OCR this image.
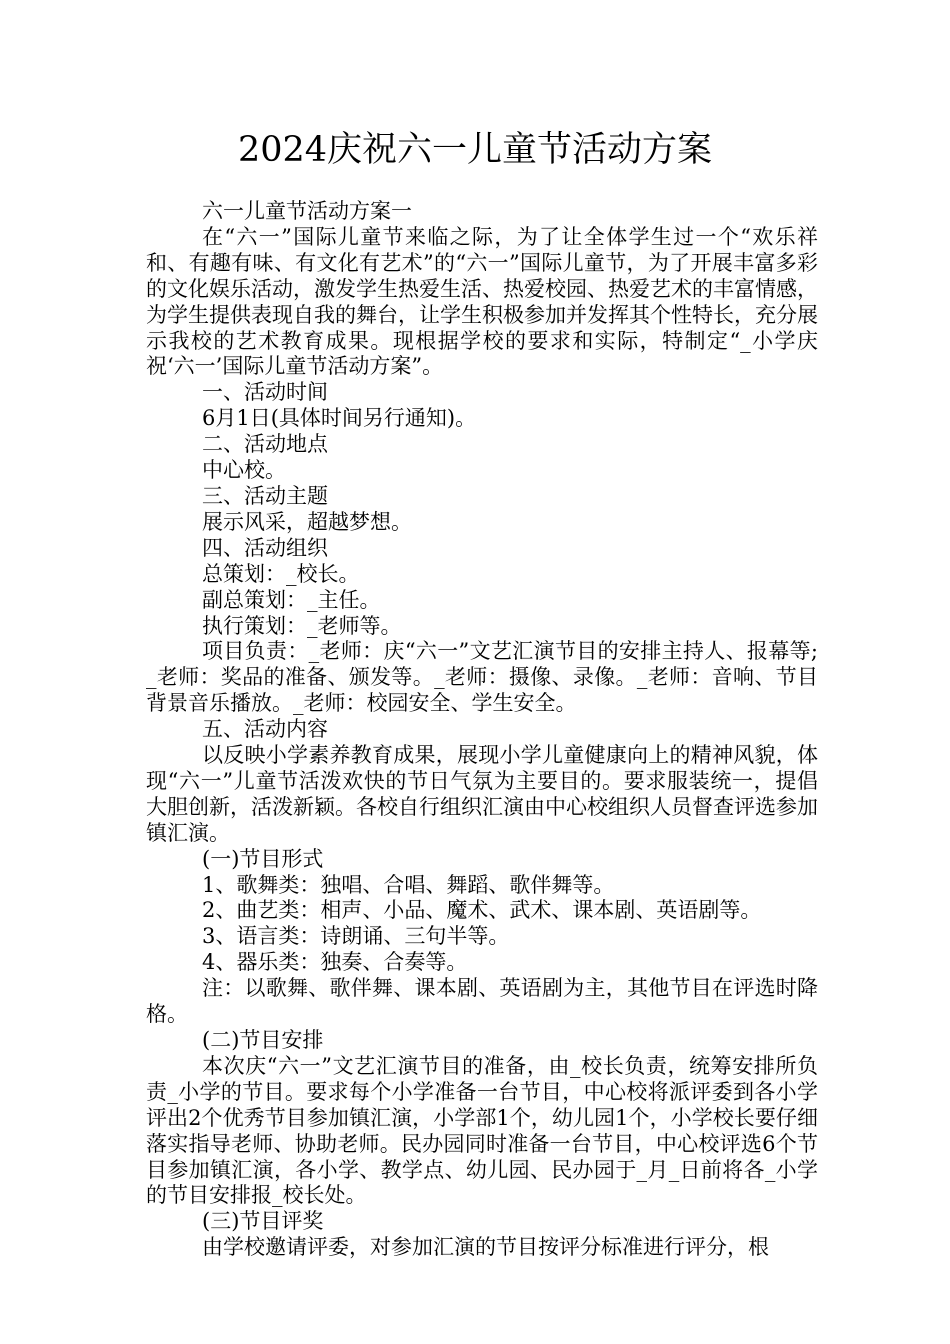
2024庆祝六一儿童节活动方案

六一儿童节活动方案一

在“六一”国际儿童节来临之际，为了让全体学生过一个“欢乐祥和、有趣有味、有文化有艺术”的“六一”国际儿童节，为了开展丰富多彩的文化娱乐活动，激发学生热爱生活、热爱校园、热爱艺术的丰富情感，为学生提供表现自我的舞台，让学生积极参加并发挥其个性特长，充分展示我校的艺术教育成果。现根据学校的要求和实际，特制定“_小学庆祝‘六一’国际儿童节活动方案”。

一、活动时间

6月1日(具体时间另行通知)。

二、活动地点

中心校。

三、活动主题

展示风采，超越梦想。

四、活动组织

总策划：_校长。

副总策划：_主任。

执行策划：_老师等。

项目负责：_老师：庆“六一”文艺汇演节目的安排主持人、报幕等;_老师：奖品的准备、颁发等。_老师：摄像、录像。_老师：音响、节目背景音乐播放。_老师：校园安全、学生安全。

五、活动内容

以反映小学素养教育成果，展现小学儿童健康向上的精神风貌，体现“六一”儿童节活泼欢快的节日气氛为主要目的。要求服装统一，提倡大胆创新，活泼新颖。各校自行组织汇演由中心校组织人员督查评选参加镇汇演。

(一)节目形式

1、歌舞类：独唱、合唱、舞蹈、歌伴舞等。

2、曲艺类：相声、小品、魔术、武术、课本剧、英语剧等。

3、语言类：诗朗诵、三句半等。

4、器乐类：独奏、合奏等。

注：以歌舞、歌伴舞、课本剧、英语剧为主，其他节目在评选时降格。

(二)节目安排

本次庆“六一”文艺汇演节目的准备，由_校长负责，统筹安排所负责_小学的节目。要求每个小学准备一台节目，中心校将派评委到各小学评出2个优秀节目参加镇汇演，小学部1个，幼儿园1个，小学校长要仔细落实指导老师、协助老师。民办园同时准备一台节目，中心校评选6个节目参加镇汇演，各小学、教学点、幼儿园、民办园于_月_日前将各_小学的节目安排报_校长处。

(三)节目评奖

由学校邀请评委，对参加汇演的节目按评分标准进行评分，根
